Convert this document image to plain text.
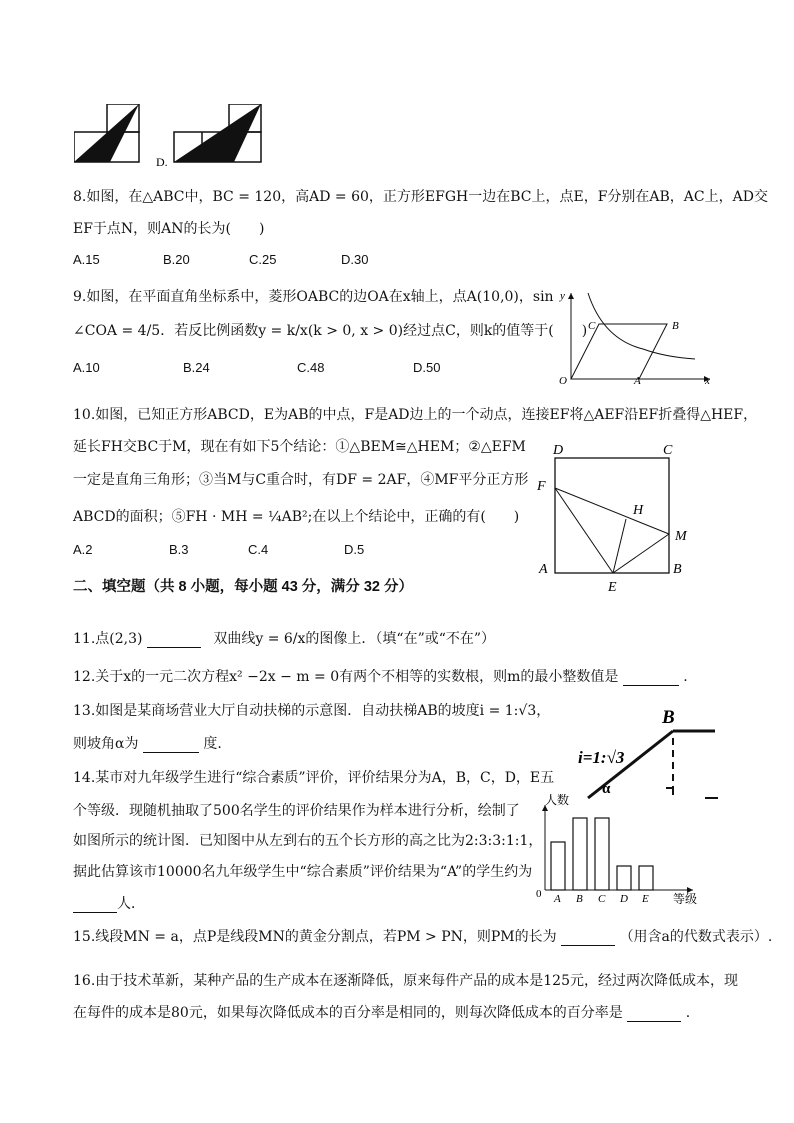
D.
8.如图，在△ABC中，BC = 120，高AD = 60，正方形EFGH一边在BC上，点E，F分别在AB，AC上，AD交
EF于点N，则AN的长为(　　)
A.15	B.20	C.25	D.30
9.如图，在平面直角坐标系中，菱形OABC的边OA在x轴上，点A(10,0)，sin
∠COA = 4/5．若反比例函数y = k/x(k > 0, x > 0)经过点C，则k的值等于(　　)
A.10	B.24	C.48	D.50
y
C	B
O	A	x
10.如图，已知正方形ABCD，E为AB的中点，F是AD边上的一个动点，连接EF将△AEF沿EF折叠得△HEF，
延长FH交BC于M，现在有如下5个结论：①△BEM≅△HEM；②△EFM
一定是直角三角形；③当M与C重合时，有DF = 2AF，④MF平分正方形
ABCD的面积；⑤FH · MH = ¼AB²;在以上个结论中，正确的有(　　)
A.2	B.3	C.4	D.5
D	C
F
H
M
A
E
B
二、填空题（共 8 小题，每小题 43 分，满分 32 分）
11.点(2,3)	双曲线y = 6/x的图像上．（填“在”或“不在”）
12.关于x的一元二次方程x² −2x − m = 0有两个不相等的实数根，则m的最小整数值是	.
13.如图是某商场营业大厅自动扶梯的示意图．自动扶梯AB的坡度i = 1:√3，
则坡角α为	度.
B
i=1:√3
α
14.某市对九年级学生进行“综合素质”评价，评价结果分为A，B，C，D，E五
个等级．现随机抽取了500名学生的评价结果作为样本进行分析，绘制了
如图所示的统计图．已知图中从左到右的五个长方形的高之比为2:3:3:1:1，
据此估算该市10000名九年级学生中“综合素质”评价结果为“A”的学生约为
人．
人数
等级
0 A B C D E
15.线段MN = a，点P是线段MN的黄金分割点，若PM > PN，则PM的长为	（用含a的代数式表示）.
16.由于技术革新，某种产品的生产成本在逐渐降低，原来每件产品的成本是125元，经过两次降低成本，现
在每件的成本是80元，如果每次降低成本的百分率是相同的，则每次降低成本的百分率是	.
